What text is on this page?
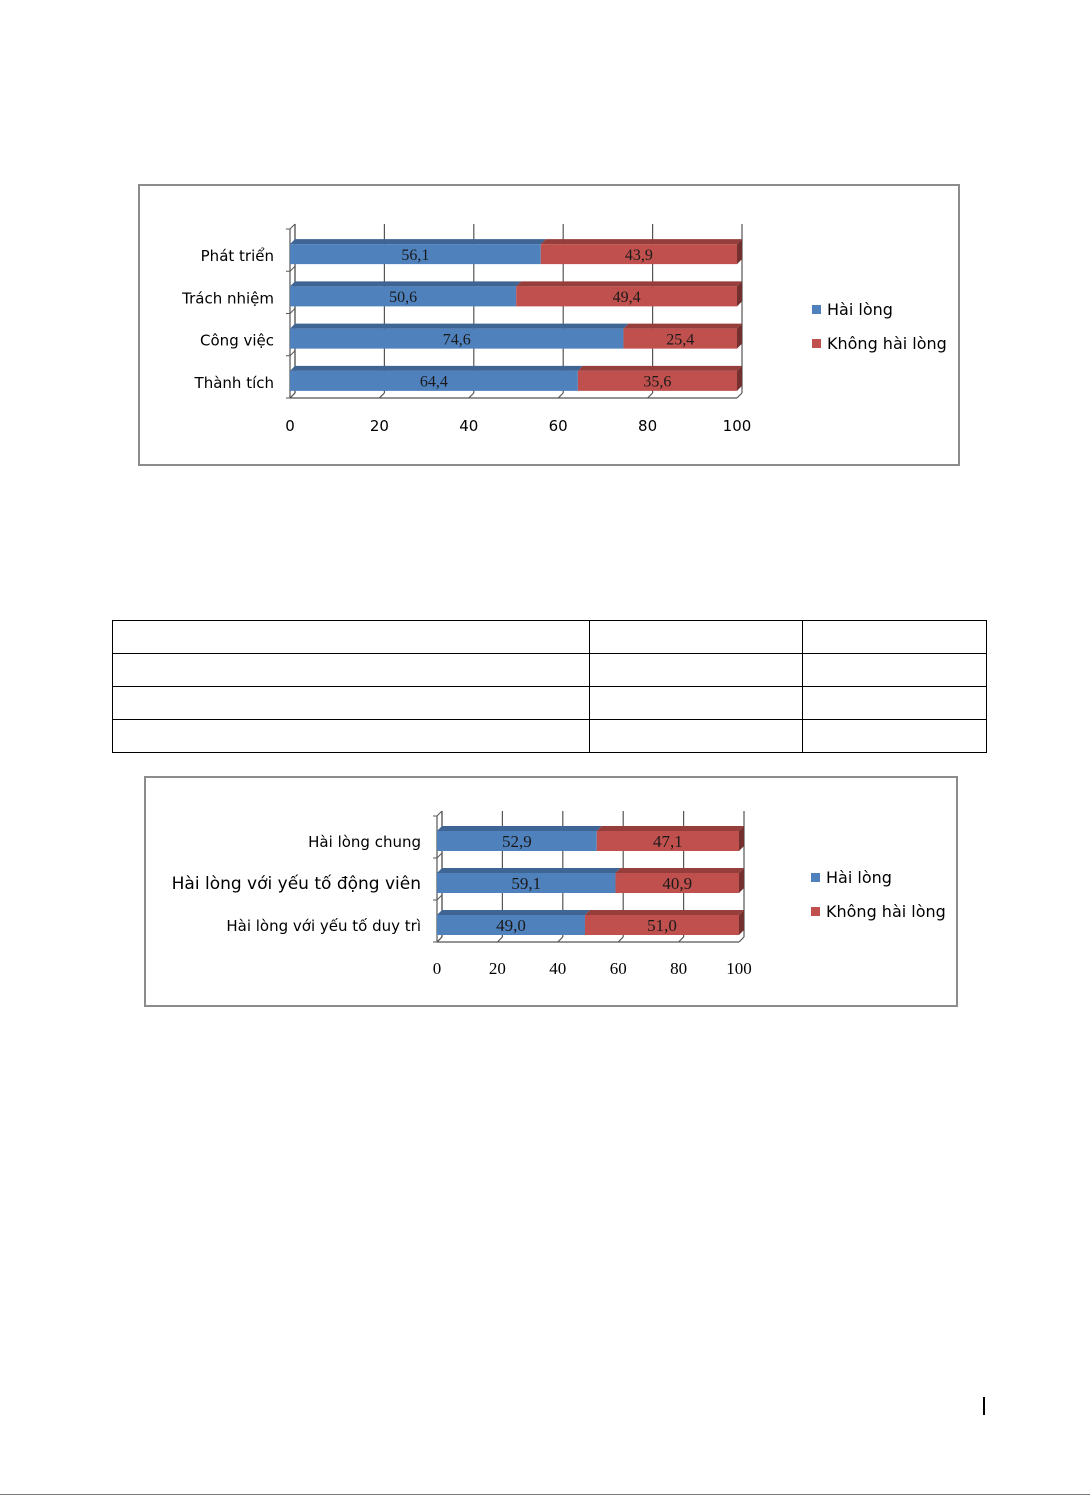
0	20	40	60	80	100
56,1	43,9
Phát triển
50,6	49,4
Trách nhiệm
74,6	25,4
Công việc
64,4	35,6
Thành tích
Hài lòng
Không hài lòng

0	20	40	60	80 100
52,9	47,1
Hài lòng chung
59,1	40,9
Hài lòng với yếu tố động viên
49,0	51,0
Hài lòng với yếu tố duy trì
Hài lòng
Không hài lòng
